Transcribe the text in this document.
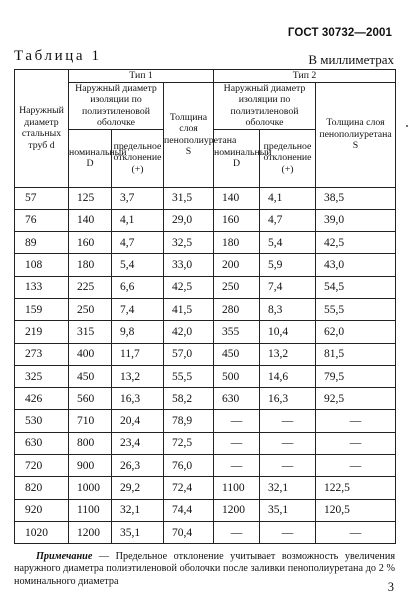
ГОСТ 30732—2001
Таблица 1	В миллиметрах
Наружный диаметр стальных труб d	Тип 1			Тип 2		
	Наружный диаметр изоляции по полиэтиленовой оболочке		Толщина слоя пенополиуретана S	Наружный диаметр изоляции по полиэтиленовой оболочке		Толщина слоя пенополиуретана S
	номинальный D	предельное отклонение (+)		номинальный D	предельное отклонение (+)	
57	125	3,7	31,5	140	4,1	38,5
76	140	4,1	29,0	160	4,7	39,0
89	160	4,7	32,5	180	5,4	42,5
108	180	5,4	33,0	200	5,9	43,0
133	225	6,6	42,5	250	7,4	54,5
159	250	7,4	41,5	280	8,3	55,5
219	315	9,8	42,0	355	10,4	62,0
273	400	11,7	57,0	450	13,2	81,5
325	450	13,2	55,5	500	14,6	79,5
426	560	16,3	58,2	630	16,3	92,5
530	710	20,4	78,9	—	—	—
630	800	23,4	72,5	—	—	—
720	900	26,3	76,0	—	—	—
820	1000	29,2	72,4	1100	32,1	122,5
920	1100	32,1	74,4	1200	35,1	120,5
1020	1200	35,1	70,4	—	—	—
Примечание — Предельное отклонение учитывает возможность увеличения наружного диаметра полиэтиленовой оболочки после заливки пенополиуретана до 2 % номинального диаметра	3
